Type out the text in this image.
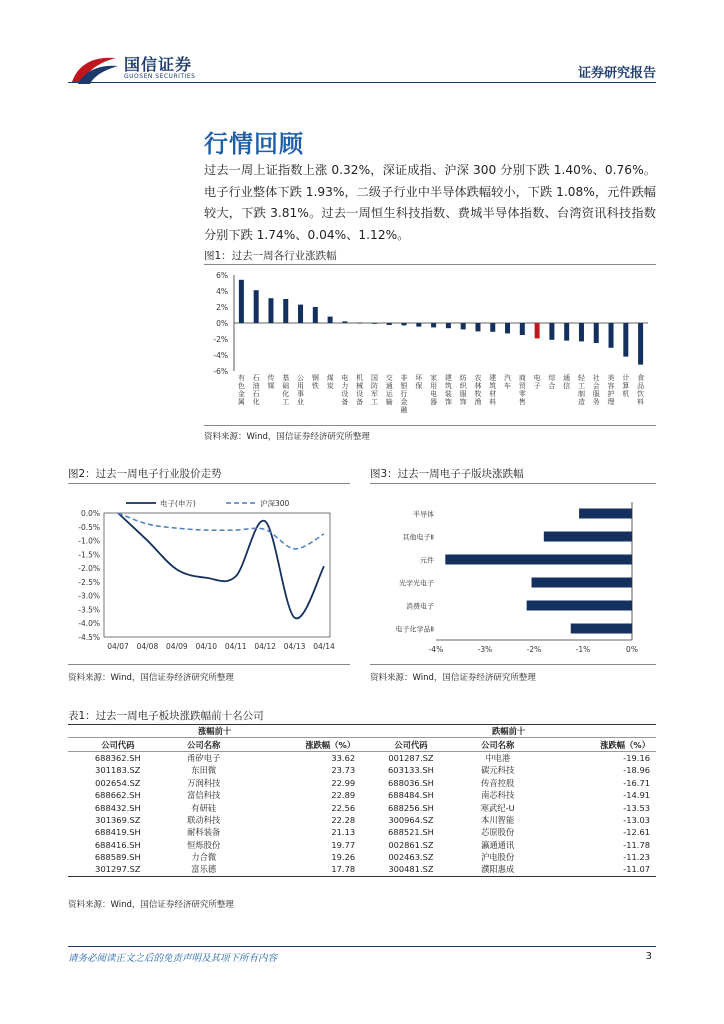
国信证券
GUOSEN SECURITIES	证券研究报告
行情回顾
过去一周上证指数上涨 0.32%，深证成指、沪深 300 分别下跌 1.40%、0.76%。电子行业整体下跌 1.93%，二级子行业中半导体跌幅较小，下跌 1.08%，元件跌幅较大，下跌 3.81%。过去一周恒生科技指数、费城半导体指数、台湾资讯科技指数分别下跌 1.74%、0.04%、1.12%。
图1：过去一周各行业涨跌幅
-6%
-4%
-2%
0%
2%
4%
6%
有色金属
石油石化
传媒
基础化工
公用事业
钢铁
煤炭
电力设备
机械设备
国防军工
交通运输
非银行金融
环保
家用电器
建筑装饰
纺织服饰
农林牧渔
建筑材料
汽车
商贸零售
电子
综合
通信
轻工制造
社会服务
美容护理
计算机
食品饮料
资料来源：Wind，国信证券经济研究所整理
图2：过去一周电子行业股价走势
0.0%
-0.5%
-1.0%
-1.5%
-2.0%
-2.5%
-3.0%
-3.5%
-4.0%
-4.5%
04/07 04/08 04/09 04/10 04/11 04/12 04/13 04/14
电子(申万)	沪深300
资料来源：Wind，国信证券经济研究所整理
图3：过去一周电子子版块涨跌幅
-4%	-3%	-2%	-1%	0%
半导体
其他电子Ⅱ
元件
光学光电子
消费电子
电子化学品Ⅱ
资料来源：Wind，国信证券经济研究所整理
表1：过去一周电子板块涨跌幅前十名公司
涨幅前十			跌幅前十		
公司代码	公司名称	涨跌幅（%）	公司代码	公司名称	涨跌幅（%）
688362.SH	甬矽电子	33.62	001287.SZ	中电港	-19.16
301183.SZ	东田微	23.73	603133.SH	碳元科技	-18.96
002654.SZ	万润科技	22.99	688036.SH	传音控股	-16.71
688662.SH	富信科技	22.89	688484.SH	南芯科技	-14.91
688432.SH	有研硅	22.56	688256.SH	寒武纪-U	-13.53
301369.SZ	联动科技	22.28	300964.SZ	本川智能	-13.03
688419.SH	耐科装备	21.13	688521.SH	芯原股份	-12.61
688416.SH	恒烁股份	19.77	002861.SZ	瀛通通讯	-11.78
688589.SH	力合微	19.26	002463.SZ	沪电股份	-11.23
301297.SZ	富乐德	17.78	300481.SZ	濮阳惠成	-11.07
资料来源：Wind，国信证券经济研究所整理
请务必阅读正文之后的免责声明及其项下所有内容	3
